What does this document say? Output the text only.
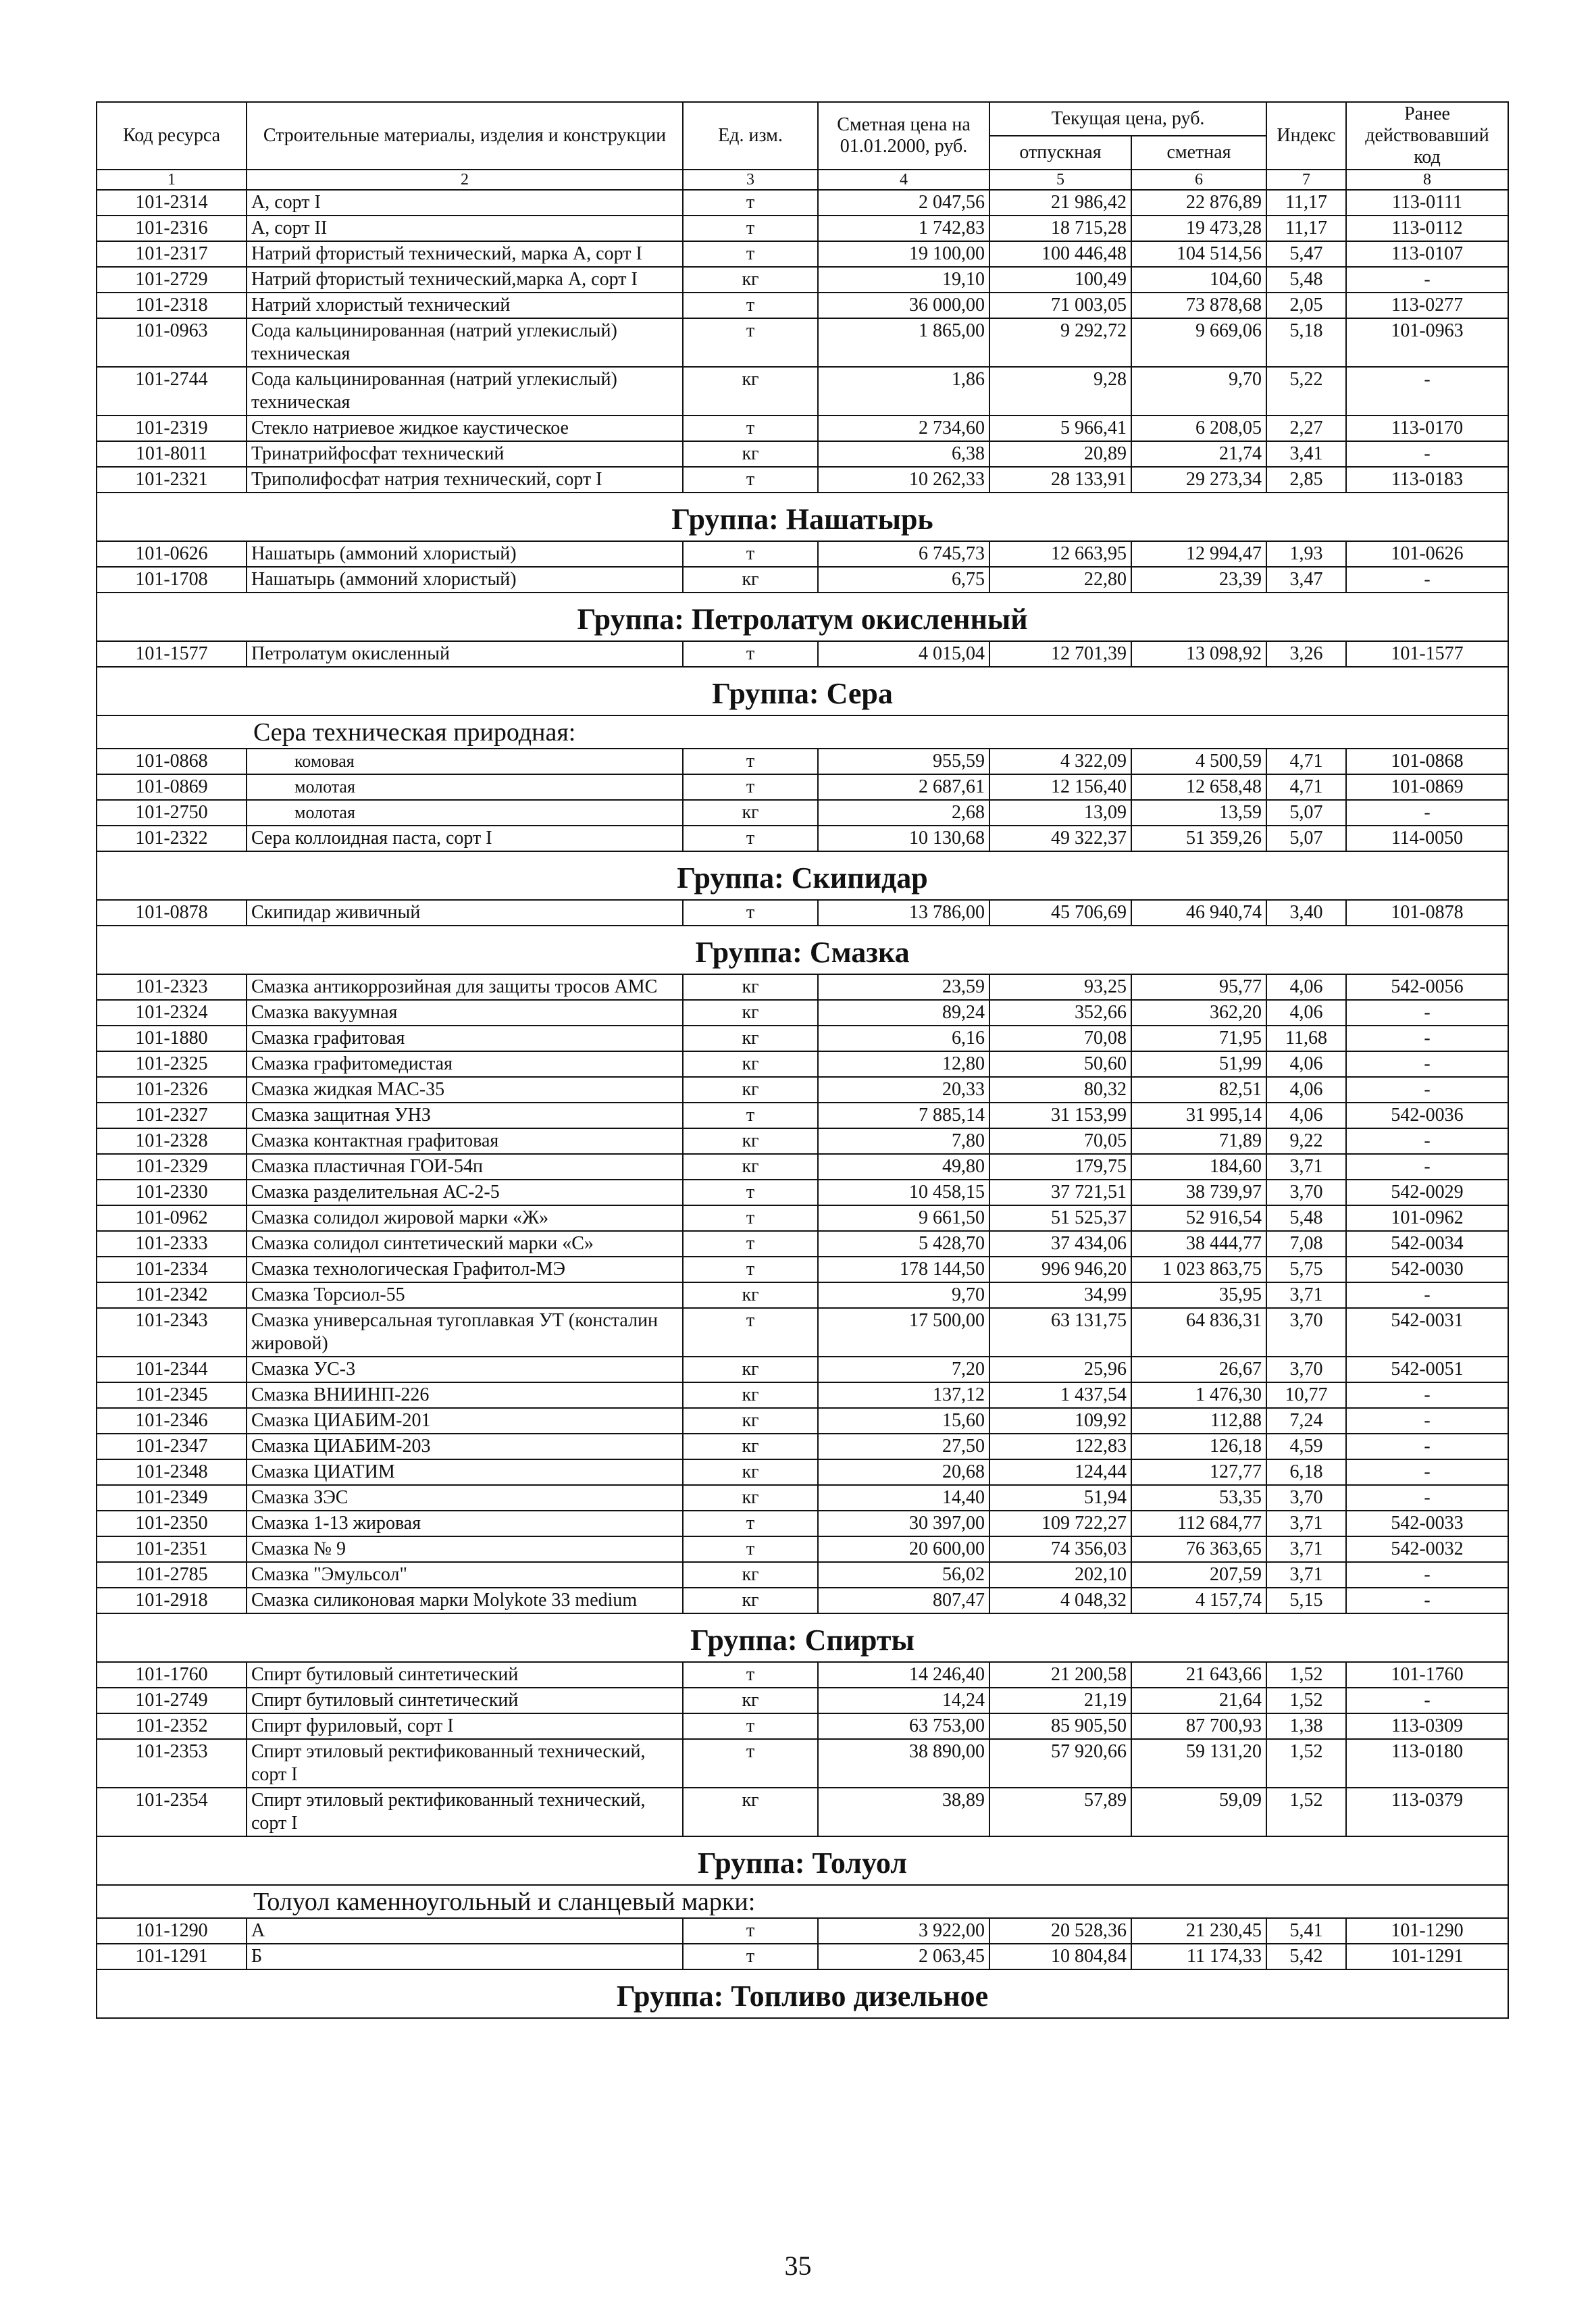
Код ресурса	Строительные материалы, изделия и конструкции	Ед. изм.	Сметная цена на 01.01.2000, руб.	Текущая цена, руб.		Индекс	Ранее действовавший код
				отпускная	сметная		
1	2	3	4	5	6	7	8
101-2314	А, сорт I	т	2 047,56	21 986,42	22 876,89	11,17	113-0111
101-2316	А, сорт II	т	1 742,83	18 715,28	19 473,28	11,17	113-0112
101-2317	Натрий фтористый технический, марка А, сорт I	т	19 100,00	100 446,48	104 514,56	5,47	113-0107
101-2729	Натрий фтористый технический,марка А, сорт I	кг	19,10	100,49	104,60	5,48	-
101-2318	Натрий хлористый технический	т	36 000,00	71 003,05	73 878,68	2,05	113-0277
101-0963	Сода кальцинированная (натрий углекислый) техническая	т	1 865,00	9 292,72	9 669,06	5,18	101-0963
101-2744	Сода кальцинированная (натрий углекислый) техническая	кг	1,86	9,28	9,70	5,22	-
101-2319	Стекло натриевое жидкое каустическое	т	2 734,60	5 966,41	6 208,05	2,27	113-0170
101-8011	Тринатрийфосфат технический	кг	6,38	20,89	21,74	3,41	-
101-2321	Триполифосфат натрия технический, сорт I	т	10 262,33	28 133,91	29 273,34	2,85	113-0183
Группа: Нашатырь							
101-0626	Нашатырь (аммоний хлористый)	т	6 745,73	12 663,95	12 994,47	1,93	101-0626
101-1708	Нашатырь (аммоний хлористый)	кг	6,75	22,80	23,39	3,47	-
Группа: Петролатум окисленный							
101-1577	Петролатум окисленный	т	4 015,04	12 701,39	13 098,92	3,26	101-1577
Группа: Сера							
	Сера техническая природная:						
101-0868	комовая	т	955,59	4 322,09	4 500,59	4,71	101-0868
101-0869	молотая	т	2 687,61	12 156,40	12 658,48	4,71	101-0869
101-2750	молотая	кг	2,68	13,09	13,59	5,07	-
101-2322	Сера коллоидная паста, сорт I	т	10 130,68	49 322,37	51 359,26	5,07	114-0050
Группа: Скипидар							
101-0878	Скипидар живичный	т	13 786,00	45 706,69	46 940,74	3,40	101-0878
Группа: Смазка							
101-2323	Смазка антикоррозийная для защиты тросов АМС	кг	23,59	93,25	95,77	4,06	542-0056
101-2324	Смазка вакуумная	кг	89,24	352,66	362,20	4,06	-
101-1880	Смазка графитовая	кг	6,16	70,08	71,95	11,68	-
101-2325	Смазка графитомедистая	кг	12,80	50,60	51,99	4,06	-
101-2326	Смазка жидкая МАС-35	кг	20,33	80,32	82,51	4,06	-
101-2327	Смазка защитная УНЗ	т	7 885,14	31 153,99	31 995,14	4,06	542-0036
101-2328	Смазка контактная графитовая	кг	7,80	70,05	71,89	9,22	-
101-2329	Смазка пластичная ГОИ-54п	кг	49,80	179,75	184,60	3,71	-
101-2330	Смазка разделительная АС-2-5	т	10 458,15	37 721,51	38 739,97	3,70	542-0029
101-0962	Смазка солидол жировой марки «Ж»	т	9 661,50	51 525,37	52 916,54	5,48	101-0962
101-2333	Смазка солидол синтетический марки «С»	т	5 428,70	37 434,06	38 444,77	7,08	542-0034
101-2334	Смазка технологическая Графитол-МЭ	т	178 144,50	996 946,20	1 023 863,75	5,75	542-0030
101-2342	Смазка Торсиол-55	кг	9,70	34,99	35,95	3,71	-
101-2343	Смазка универсальная тугоплавкая УТ (консталин жировой)	т	17 500,00	63 131,75	64 836,31	3,70	542-0031
101-2344	Смазка УС-3	кг	7,20	25,96	26,67	3,70	542-0051
101-2345	Смазка ВНИИНП-226	кг	137,12	1 437,54	1 476,30	10,77	-
101-2346	Смазка ЦИАБИМ-201	кг	15,60	109,92	112,88	7,24	-
101-2347	Смазка ЦИАБИМ-203	кг	27,50	122,83	126,18	4,59	-
101-2348	Смазка ЦИАТИМ	кг	20,68	124,44	127,77	6,18	-
101-2349	Смазка ЗЭС	кг	14,40	51,94	53,35	3,70	-
101-2350	Смазка 1-13 жировая	т	30 397,00	109 722,27	112 684,77	3,71	542-0033
101-2351	Смазка № 9	т	20 600,00	74 356,03	76 363,65	3,71	542-0032
101-2785	Смазка "Эмульсол"	кг	56,02	202,10	207,59	3,71	-
101-2918	Смазка силиконовая марки Molykote 33 medium	кг	807,47	4 048,32	4 157,74	5,15	-
Группа: Спирты							
101-1760	Спирт бутиловый синтетический	т	14 246,40	21 200,58	21 643,66	1,52	101-1760
101-2749	Спирт бутиловый синтетический	кг	14,24	21,19	21,64	1,52	-
101-2352	Спирт фуриловый, сорт I	т	63 753,00	85 905,50	87 700,93	1,38	113-0309
101-2353	Спирт этиловый ректификованный технический, сорт I	т	38 890,00	57 920,66	59 131,20	1,52	113-0180
101-2354	Спирт этиловый ректификованный технический, сорт I	кг	38,89	57,89	59,09	1,52	113-0379
Группа: Толуол							
	Толуол каменноугольный и сланцевый марки:						
101-1290	А	т	3 922,00	20 528,36	21 230,45	5,41	101-1290
101-1291	Б	т	2 063,45	10 804,84	11 174,33	5,42	101-1291
Группа: Топливо дизельное							
35
